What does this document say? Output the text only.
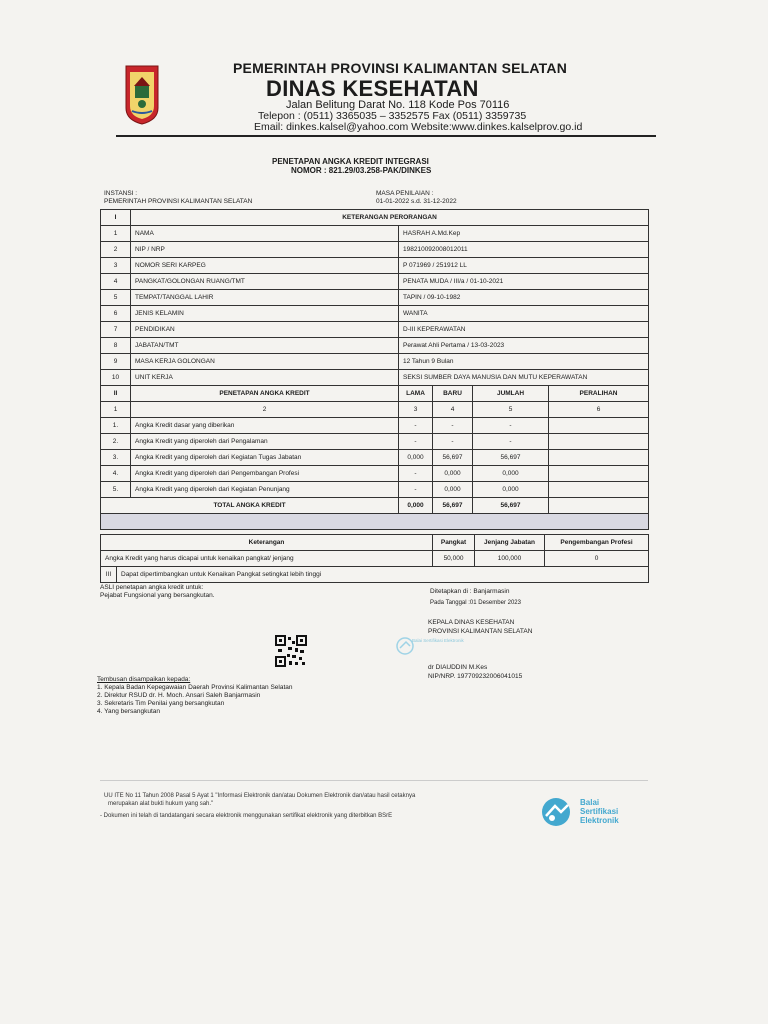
PEMERINTAH PROVINSI KALIMANTAN SELATAN
DINAS KESEHATAN
Jalan Belitung Darat No. 118 Kode Pos 70116
Telepon : (0511) 3365035 – 3352575 Fax (0511) 3359735
Email: dinkes.kalsel@yahoo.com Website:www.dinkes.kalselprov.go.id
PENETAPAN ANGKA KREDIT INTEGRASI
NOMOR : 821.29/03.258-PAK/DINKES
INSTANSI :
PEMERINTAH PROVINSI KALIMANTAN SELATAN
MASA PENILAIAN :
01-01-2022 s.d. 31-12-2022
I	KETERANGAN PERORANGAN				
1	NAMA	HASRAH A.Md.Kep			
2	NIP / NRP	198210092008012011			
3	NOMOR SERI KARPEG	P 071969 / 251912 LL			
4	PANGKAT/GOLONGAN RUANG/TMT	PENATA MUDA / III/a / 01-10-2021			
5	TEMPAT/TANGGAL LAHIR	TAPIN / 09-10-1982			
6	JENIS KELAMIN	WANITA			
7	PENDIDIKAN	D-III KEPERAWATAN			
8	JABATAN/TMT	Perawat Ahli Pertama / 13-03-2023			
9	MASA KERJA GOLONGAN	12 Tahun 9 Bulan			
10	UNIT KERJA	SEKSI SUMBER DAYA MANUSIA DAN MUTU KEPERAWATAN			
II	PENETAPAN ANGKA KREDIT	LAMA	BARU	JUMLAH	PERALIHAN
1	2	3	4	5	6
1.	Angka Kredit dasar yang diberikan	-	-	-	
2.	Angka Kredit yang diperoleh dari Pengalaman	-	-	-	
3.	Angka Kredit yang diperoleh dari Kegiatan Tugas Jabatan	0,000	56,697	56,697	
4.	Angka Kredit yang diperoleh dari Pengembangan Profesi	-	0,000	0,000	
5.	Angka Kredit yang diperoleh dari Kegiatan Penunjang	-	0,000	0,000	
TOTAL ANGKA KREDIT		0,000	56,697	56,697	

Keterangan		Pangkat	Jenjang Jabatan	Pengembangan Profesi
Angka Kredit yang harus dicapai untuk kenaikan pangkat/ jenjang		50,000	100,000	0
III	Dapat dipertimbangkan untuk Kenaikan Pangkat setingkat lebih tinggi			
ASLI penetapan angka kredit untuk:
Pejabat Fungsional yang bersangkutan.
Ditetapkan di : Banjarmasin
Pada Tanggal :01 Desember 2023
KEPALA DINAS KESEHATAN
PROVINSI KALIMANTAN SELATAN
Balai Sertifikasi Elektronik
dr DIAUDDIN M.Kes
NIP/NRP. 197709232006041015
Tembusan disampaikan kepada:
1. Kepala Badan Kepegawaian Daerah Provinsi Kalimantan Selatan
2. Direktur RSUD dr. H. Moch. Ansari Saleh Banjarmasin
3. Sekretaris Tim Penilai yang bersangkutan
4. Yang bersangkutan
UU ITE No 11 Tahun 2008 Pasal 5 Ayat 1 "Informasi Elektronik dan/atau Dokumen Elektronik dan/atau hasil cetaknya
merupakan alat bukti hukum yang sah."
- Dokumen ini telah di tandatangani secara elektronik menggunakan sertifikat elektronik yang diterbitkan BSrE
Balai
Sertifikasi
Elektronik
